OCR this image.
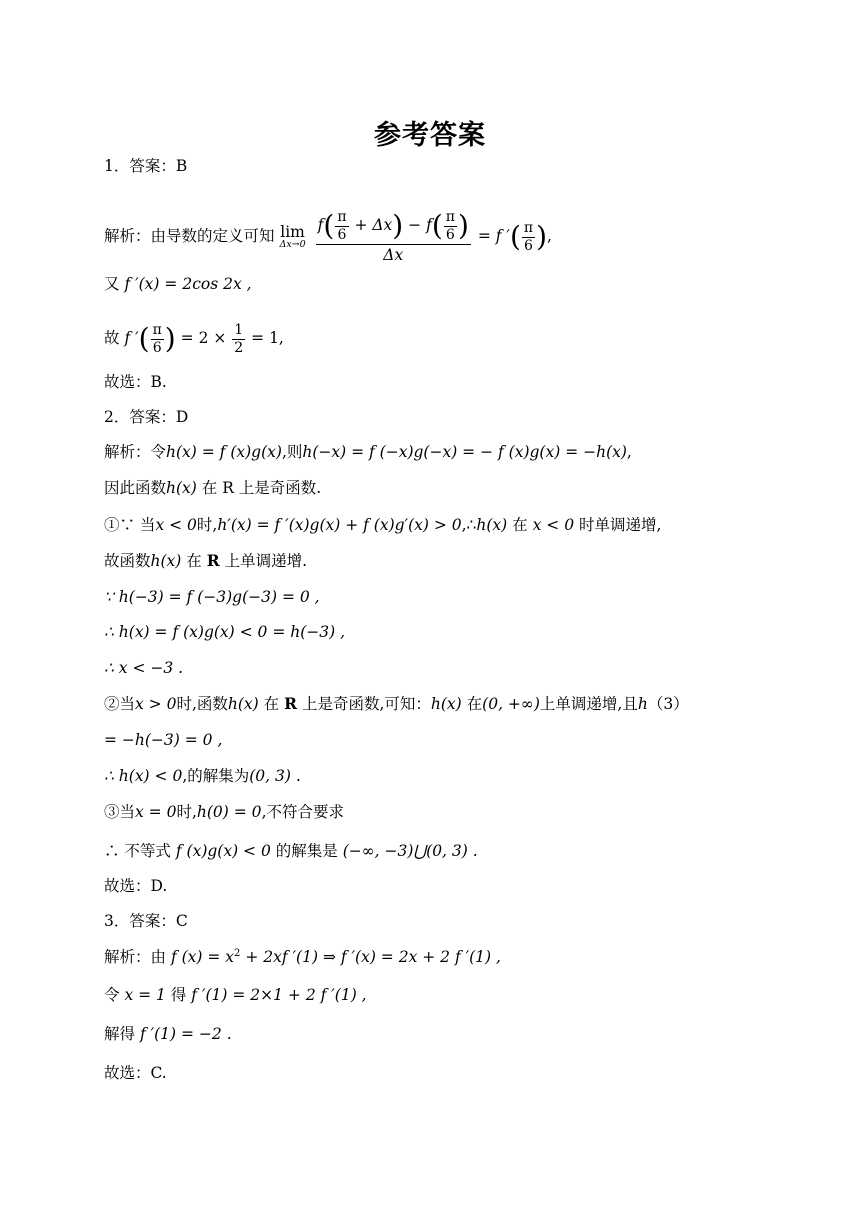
参考答案
1．答案：B
解析：由导数的定义可知 lim
Δx→0
$\frac{f( \frac{\pi}{6} + \Delta x) - f( \frac{\pi}{6} )}{\Delta x} = f$ ′( $\frac{\pi}{6}$ ),
又 f ′(x) = 2cos 2x ,
故 f ′( $\frac{\pi}{6}$ ) = $2 \times \frac{1}{2} = 1$,
故选：B.
2．答案：D
解析：令h(x) = f (x)g(x),则h(−x) = f (−x)g(−x) = − f (x)g(x) = −h(x),
因此函数h(x) 在 R 上是奇函数.
①∵ 当x < 0时,h′(x) = f ′(x)g(x) + f (x)g′(x) > 0,∴h(x) 在 x < 0 时单调递增,
故函数h(x) 在 R 上单调递增.
∵ h(−3) = f (−3)g(−3) = 0 ,
∴ h(x) = f (x)g(x) < 0 = h(−3) ,
∴ x < −3 .
②当x > 0时,函数h(x) 在 R 上是奇函数,可知：h(x) 在(0, +∞)上单调递增,且h（3）
= −h(−3) = 0 ,
∴ h(x) < 0,的解集为(0, 3) .
③当x = 0时,h(0) = 0,不符合要求
∴ 不等式 f (x)g(x) < 0 的解集是 (−∞, −3)⋃(0, 3) .
故选：D.
3．答案：C
解析：由 f $(x) = x^2 + 2xf$ ′(1) ⇒ f ′(x) = 2x + 2 f ′(1) ,
令 x = 1 得 f ′(1) = 2×1 + 2 f ′(1) ,
解得 f ′(1) = −2 .
故选：C.
